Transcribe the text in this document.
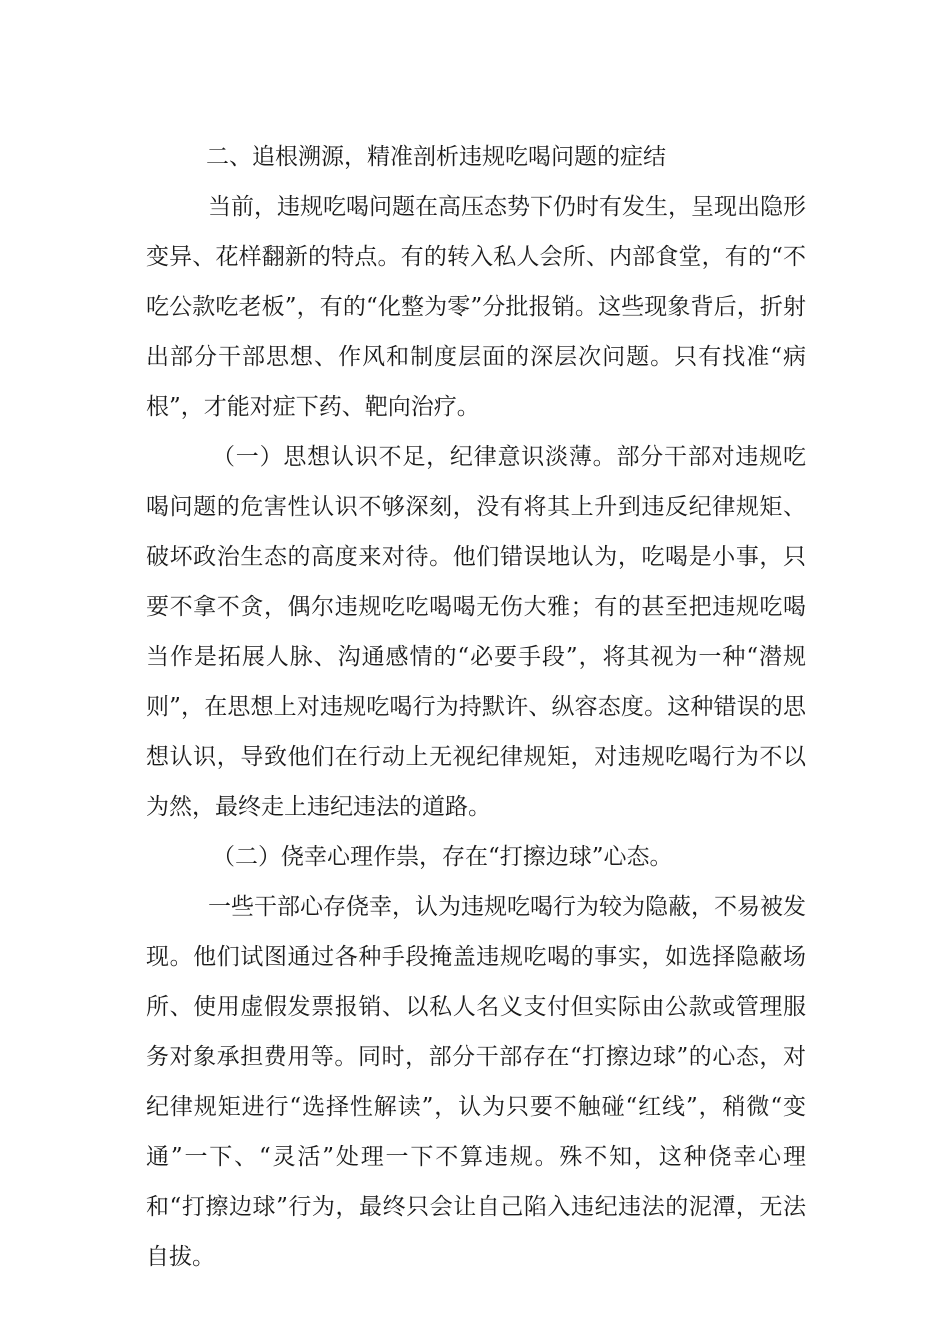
二、追根溯源，精准剖析违规吃喝问题的症结

当前，违规吃喝问题在高压态势下仍时有发生，呈现出隐形变异、花样翻新的特点。有的转入私人会所、内部食堂，有的“不吃公款吃老板”，有的“化整为零”分批报销。这些现象背后，折射出部分干部思想、作风和制度层面的深层次问题。只有找准“病根”，才能对症下药、靶向治疗。

（一）思想认识不足，纪律意识淡薄。部分干部对违规吃喝问题的危害性认识不够深刻，没有将其上升到违反纪律规矩、破坏政治生态的高度来对待。他们错误地认为，吃喝是小事，只要不拿不贪，偶尔违规吃吃喝喝无伤大雅；有的甚至把违规吃喝当作是拓展人脉、沟通感情的“必要手段”，将其视为一种“潜规则”，在思想上对违规吃喝行为持默许、纵容态度。这种错误的思想认识，导致他们在行动上无视纪律规矩，对违规吃喝行为不以为然，最终走上违纪违法的道路。

（二）侥幸心理作祟，存在“打擦边球”心态。

一些干部心存侥幸，认为违规吃喝行为较为隐蔽，不易被发现。他们试图通过各种手段掩盖违规吃喝的事实，如选择隐蔽场所、使用虚假发票报销、以私人名义支付但实际由公款或管理服务对象承担费用等。同时，部分干部存在“打擦边球”的心态，对纪律规矩进行“选择性解读”，认为只要不触碰“红线”，稍微“变通”一下、“灵活”处理一下不算违规。殊不知，这种侥幸心理和“打擦边球”行为，最终只会让自己陷入违纪违法的泥潭，无法自拔。
